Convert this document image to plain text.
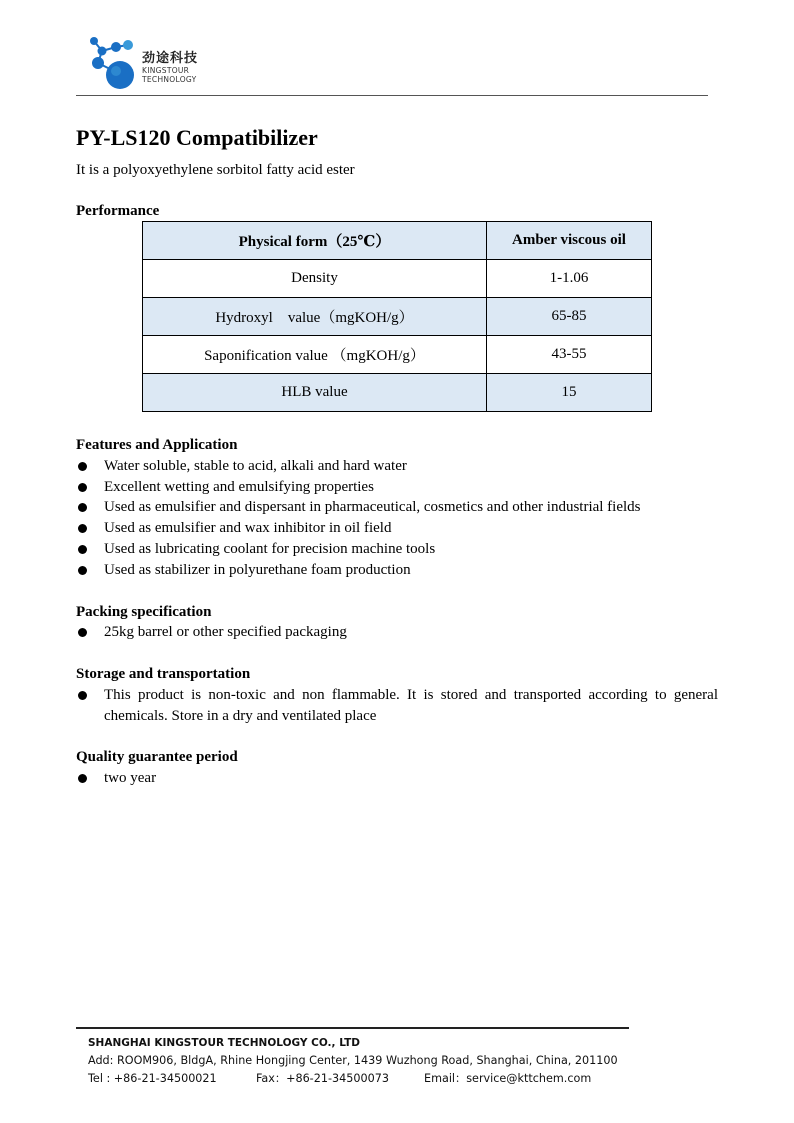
劲途科技
KINGSTOUR
TECHNOLOGY
PY-LS120 Compatibilizer
It is a polyoxyethylene sorbitol fatty acid ester
Performance
Physical form（25℃）	Amber viscous oil
Density	1-1.06
Hydroxyl　value（mgKOH/g）	65-85
Saponification value （mgKOH/g）	43-55
HLB value	15
Features and Application
Water soluble, stable to acid, alkali and hard water
Excellent wetting and emulsifying properties
Used as emulsifier and dispersant in pharmaceutical, cosmetics and other industrial fields
Used as emulsifier and wax inhibitor in oil field
Used as lubricating coolant for precision machine tools
Used as stabilizer in polyurethane foam production
Packing specification
25kg barrel or other specified packaging
Storage and transportation
This product is non-toxic and non flammable. It is stored and transported according to general chemicals. Store in a dry and ventilated place
Quality guarantee period
two year
SHANGHAI KINGSTOUR TECHNOLOGY CO., LTD
Add: ROOM906, BldgA, Rhine Hongjing Center, 1439 Wuzhong Road, Shanghai, China, 201100
Tel : +86-21-34500021	Fax：+86-21-34500073	Email：service@kttchem.com
